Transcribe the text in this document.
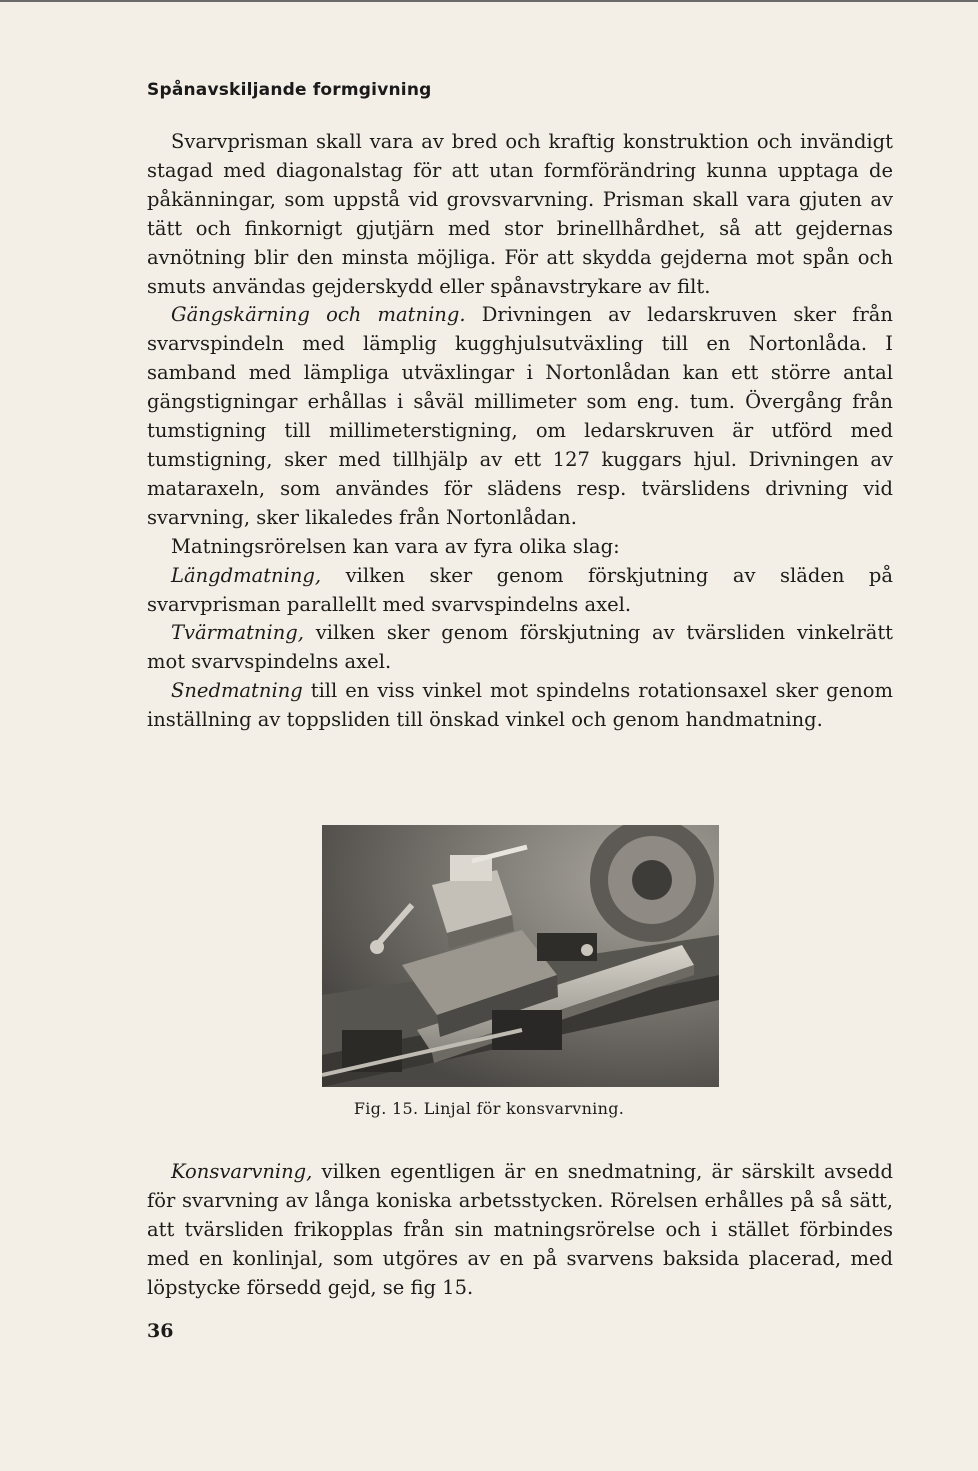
Spånavskiljande formgivning

Svarvprisman skall vara av bred och kraftig konstruktion och invändigt stagad med diagonalstag för att utan formförändring kunna upptaga de påkänningar, som uppstå vid grovsvarvning. Prisman skall vara gjuten av tätt och finkornigt gjutjärn med stor brinellhårdhet, så att gejdernas avnötning blir den minsta möjliga. För att skydda gejderna mot spån och smuts användas gejderskydd eller spånavstrykare av filt.

Gängskärning och matning. Drivningen av ledarskruven sker från svarvspindeln med lämplig kugghjulsutväxling till en Nortonlåda. I samband med lämpliga utväxlingar i Nortonlådan kan ett större antal gängstigningar erhållas i såväl millimeter som eng. tum. Övergång från tumstigning till millimeterstigning, om ledarskruven är utförd med tumstigning, sker med tillhjälp av ett 127 kuggars hjul. Drivningen av mataraxeln, som användes för slädens resp. tvärslidens drivning vid svarvning, sker likaledes från Nortonlådan.

Matningsrörelsen kan vara av fyra olika slag:

Längdmatning, vilken sker genom förskjutning av släden på svarvprisman parallellt med svarvspindelns axel.

Tvärmatning, vilken sker genom förskjutning av tvärsliden vinkelrätt mot svarvspindelns axel.

Snedmatning till en viss vinkel mot spindelns rotationsaxel sker genom inställning av toppsliden till önskad vinkel och genom handmatning.

Fig. 15. Linjal för konsvarvning.

Konsvarvning, vilken egentligen är en snedmatning, är särskilt avsedd för svarvning av långa koniska arbetsstycken. Rörelsen erhålles på så sätt, att tvärsliden frikopplas från sin matningsrörelse och i stället förbindes med en konlinjal, som utgöres av en på svarvens baksida placerad, med löpstycke försedd gejd, se fig 15.

36
